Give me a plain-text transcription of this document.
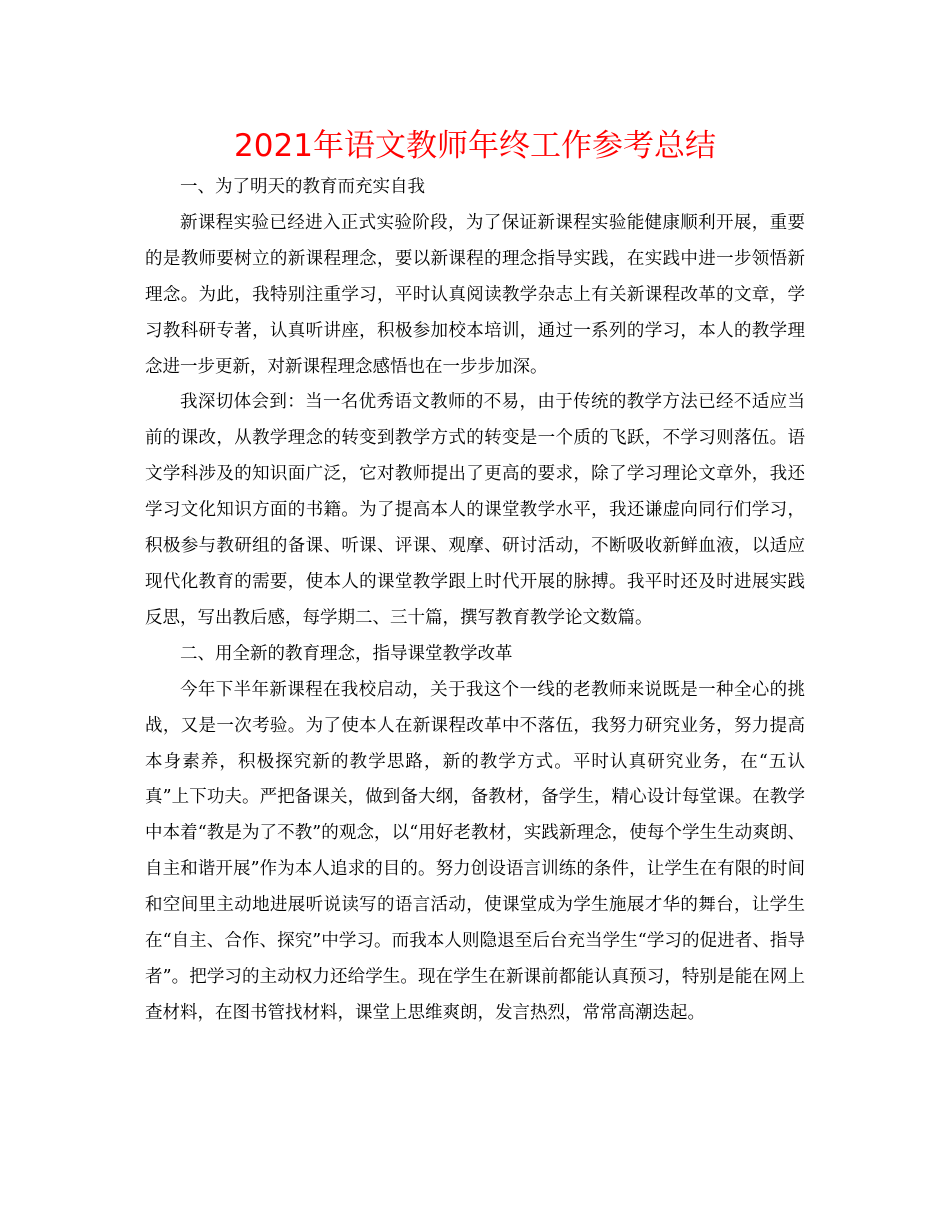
2021年语文教师年终工作参考总结

一、为了明天的教育而充实自我

新课程实验已经进入正式实验阶段，为了保证新课程实验能健康顺利开展，重要的是教师要树立的新课程理念，要以新课程的理念指导实践，在实践中进一步领悟新理念。为此，我特别注重学习，平时认真阅读教学杂志上有关新课程改革的文章，学习教科研专著，认真听讲座，积极参加校本培训，通过一系列的学习，本人的教学理念进一步更新，对新课程理念感悟也在一步步加深。

我深切体会到：当一名优秀语文教师的不易，由于传统的教学方法已经不适应当前的课改，从教学理念的转变到教学方式的转变是一个质的飞跃，不学习则落伍。语文学科涉及的知识面广泛，它对教师提出了更高的要求，除了学习理论文章外，我还学习文化知识方面的书籍。为了提高本人的课堂教学水平，我还谦虚向同行们学习，积极参与教研组的备课、听课、评课、观摩、研讨活动，不断吸收新鲜血液，以适应现代化教育的需要，使本人的课堂教学跟上时代开展的脉搏。我平时还及时进展实践反思，写出教后感，每学期二、三十篇，撰写教育教学论文数篇。

二、用全新的教育理念，指导课堂教学改革

今年下半年新课程在我校启动，关于我这个一线的老教师来说既是一种全心的挑战，又是一次考验。为了使本人在新课程改革中不落伍，我努力研究业务，努力提高本身素养，积极探究新的教学思路，新的教学方式。平时认真研究业务，在“五认真”上下功夫。严把备课关，做到备大纲，备教材，备学生，精心设计每堂课。在教学中本着“教是为了不教”的观念，以“用好老教材，实践新理念，使每个学生生动爽朗、自主和谐开展”作为本人追求的目的。努力创设语言训练的条件，让学生在有限的时间和空间里主动地进展听说读写的语言活动，使课堂成为学生施展才华的舞台，让学生在“自主、合作、探究”中学习。而我本人则隐退至后台充当学生“学习的促进者、指导者”。把学习的主动权力还给学生。现在学生在新课前都能认真预习，特别是能在网上查材料，在图书管找材料，课堂上思维爽朗，发言热烈，常常高潮迭起。
